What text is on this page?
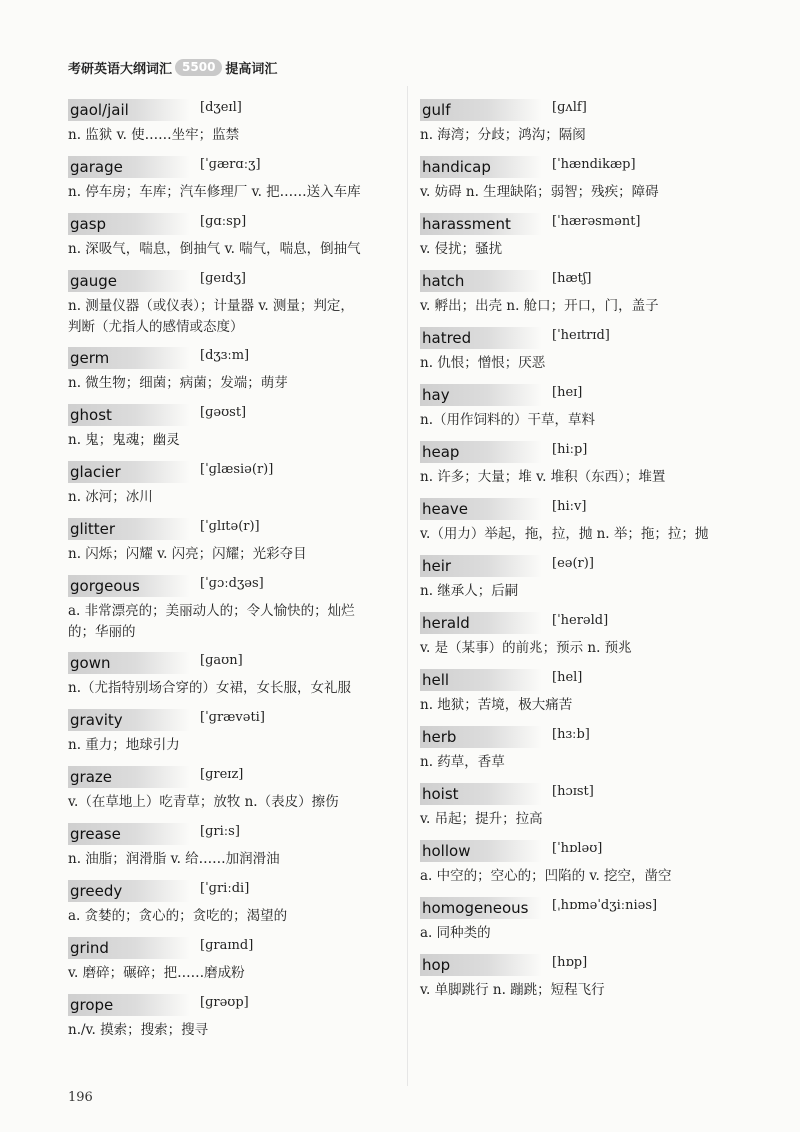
考研英语大纲词汇 5500 提高词汇
gaol/jail	[dʒeɪl]
n. 监狱 v. 使……坐牢；监禁
garage	[ˈɡærɑːʒ]
n. 停车房；车库；汽车修理厂 v. 把……送入车库
gasp	[ɡɑːsp]
n. 深吸气，喘息，倒抽气 v. 喘气，喘息，倒抽气
gauge	[ɡeɪdʒ]
n. 测量仪器（或仪表）；计量器 v. 测量；判定，
判断（尤指人的感情或态度）
germ	[dʒɜːm]
n. 微生物；细菌；病菌；发端；萌芽
ghost	[ɡəʊst]
n. 鬼；鬼魂；幽灵
glacier	[ˈɡlæsiə(r)]
n. 冰河；冰川
glitter	[ˈɡlɪtə(r)]
n. 闪烁；闪耀 v. 闪亮；闪耀；光彩夺目
gorgeous	[ˈɡɔːdʒəs]
a. 非常漂亮的；美丽动人的；令人愉快的；灿烂
的；华丽的
gown	[ɡaʊn]
n.（尤指特别场合穿的）女裙，女长服，女礼服
gravity	[ˈɡrævəti]
n. 重力；地球引力
graze	[ɡreɪz]
v.（在草地上）吃青草；放牧 n.（表皮）擦伤
grease	[ɡriːs]
n. 油脂；润滑脂 v. 给……加润滑油
greedy	[ˈɡriːdi]
a. 贪婪的；贪心的；贪吃的；渴望的
grind	[ɡraɪnd]
v. 磨碎；碾碎；把……磨成粉
grope	[ɡrəʊp]
n./v. 摸索；搜索；搜寻
gulf	[ɡʌlf]
n. 海湾；分歧；鸿沟；隔阂
handicap	[ˈhændikæp]
v. 妨碍 n. 生理缺陷；弱智；残疾；障碍
harassment	[ˈhærəsmənt]
v. 侵扰；骚扰
hatch	[hætʃ]
v. 孵出；出壳 n. 舱口；开口，门，盖子
hatred	[ˈheɪtrɪd]
n. 仇恨；憎恨；厌恶
hay	[heɪ]
n.（用作饲料的）干草，草料
heap	[hiːp]
n. 许多；大量；堆 v. 堆积（东西）；堆置
heave	[hiːv]
v.（用力）举起，拖，拉，抛 n. 举；拖；拉；抛
heir	[eə(r)]
n. 继承人；后嗣
herald	[ˈherəld]
v. 是（某事）的前兆；预示 n. 预兆
hell	[hel]
n. 地狱；苦境，极大痛苦
herb	[hɜːb]
n. 药草，香草
hoist	[hɔɪst]
v. 吊起；提升；拉高
hollow	[ˈhɒləʊ]
a. 中空的；空心的；凹陷的 v. 挖空，凿空
homogeneous	[ˌhɒməˈdʒiːniəs]
a. 同种类的
hop	[hɒp]
v. 单脚跳行 n. 蹦跳；短程飞行
196
